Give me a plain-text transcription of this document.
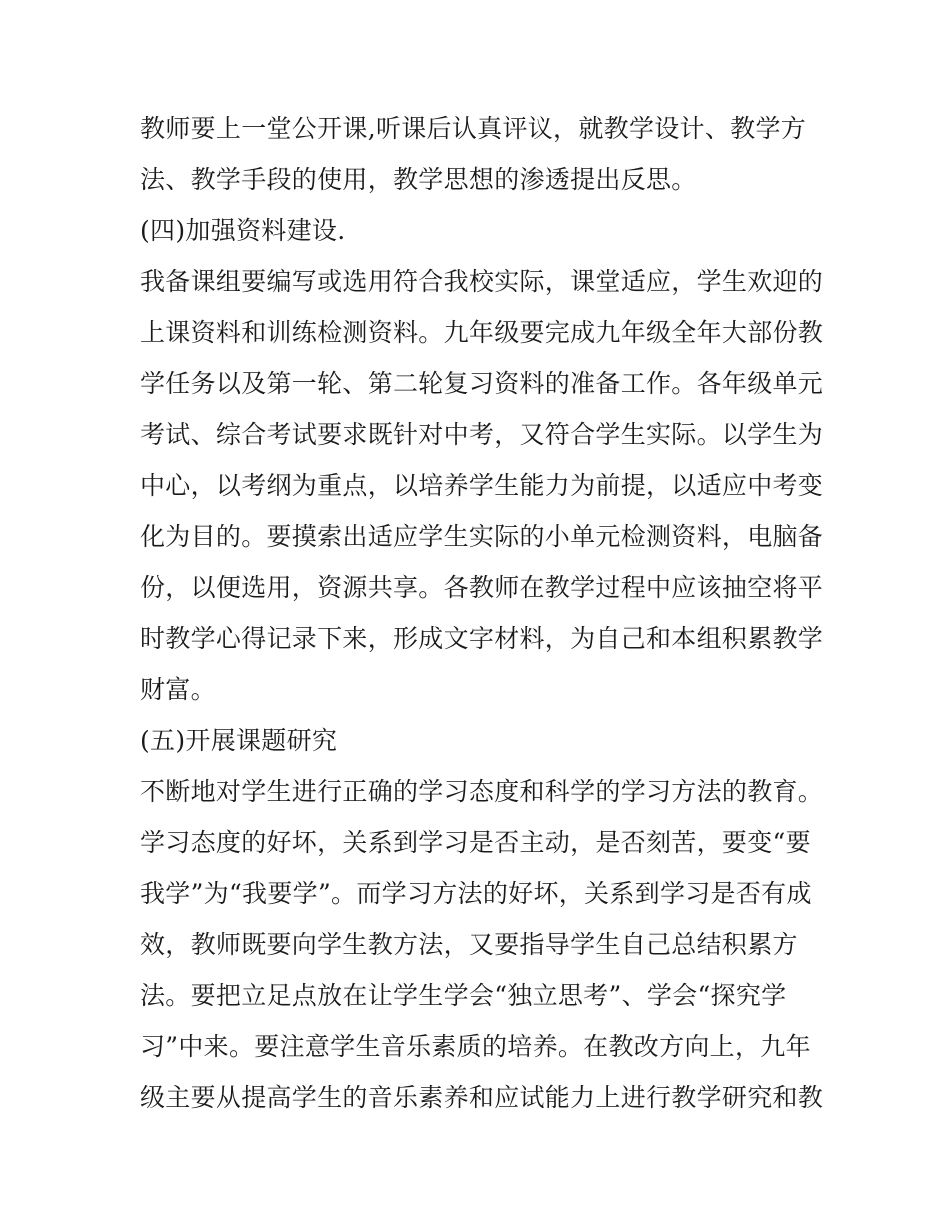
教师要上一堂公开课,听课后认真评议，就教学设计、教学方

法、教学手段的使用，教学思想的渗透提出反思。

(四)加强资料建设.

我备课组要编写或选用符合我校实际，课堂适应，学生欢迎的

上课资料和训练检测资料。九年级要完成九年级全年大部份教

学任务以及第一轮、第二轮复习资料的准备工作。各年级单元

考试、综合考试要求既针对中考，又符合学生实际。以学生为

中心，以考纲为重点，以培养学生能力为前提，以适应中考变

化为目的。要摸索出适应学生实际的小单元检测资料，电脑备

份，以便选用，资源共享。各教师在教学过程中应该抽空将平

时教学心得记录下来，形成文字材料，为自己和本组积累教学

财富。

(五)开展课题研究

不断地对学生进行正确的学习态度和科学的学习方法的教育。

学习态度的好坏，关系到学习是否主动，是否刻苦，要变“要

我学”为“我要学”。而学习方法的好坏，关系到学习是否有成

效，教师既要向学生教方法，又要指导学生自己总结积累方

法。要把立足点放在让学生学会“独立思考”、学会“探究学

习”中来。要注意学生音乐素质的培养。在教改方向上，九年

级主要从提高学生的音乐素养和应试能力上进行教学研究和教
